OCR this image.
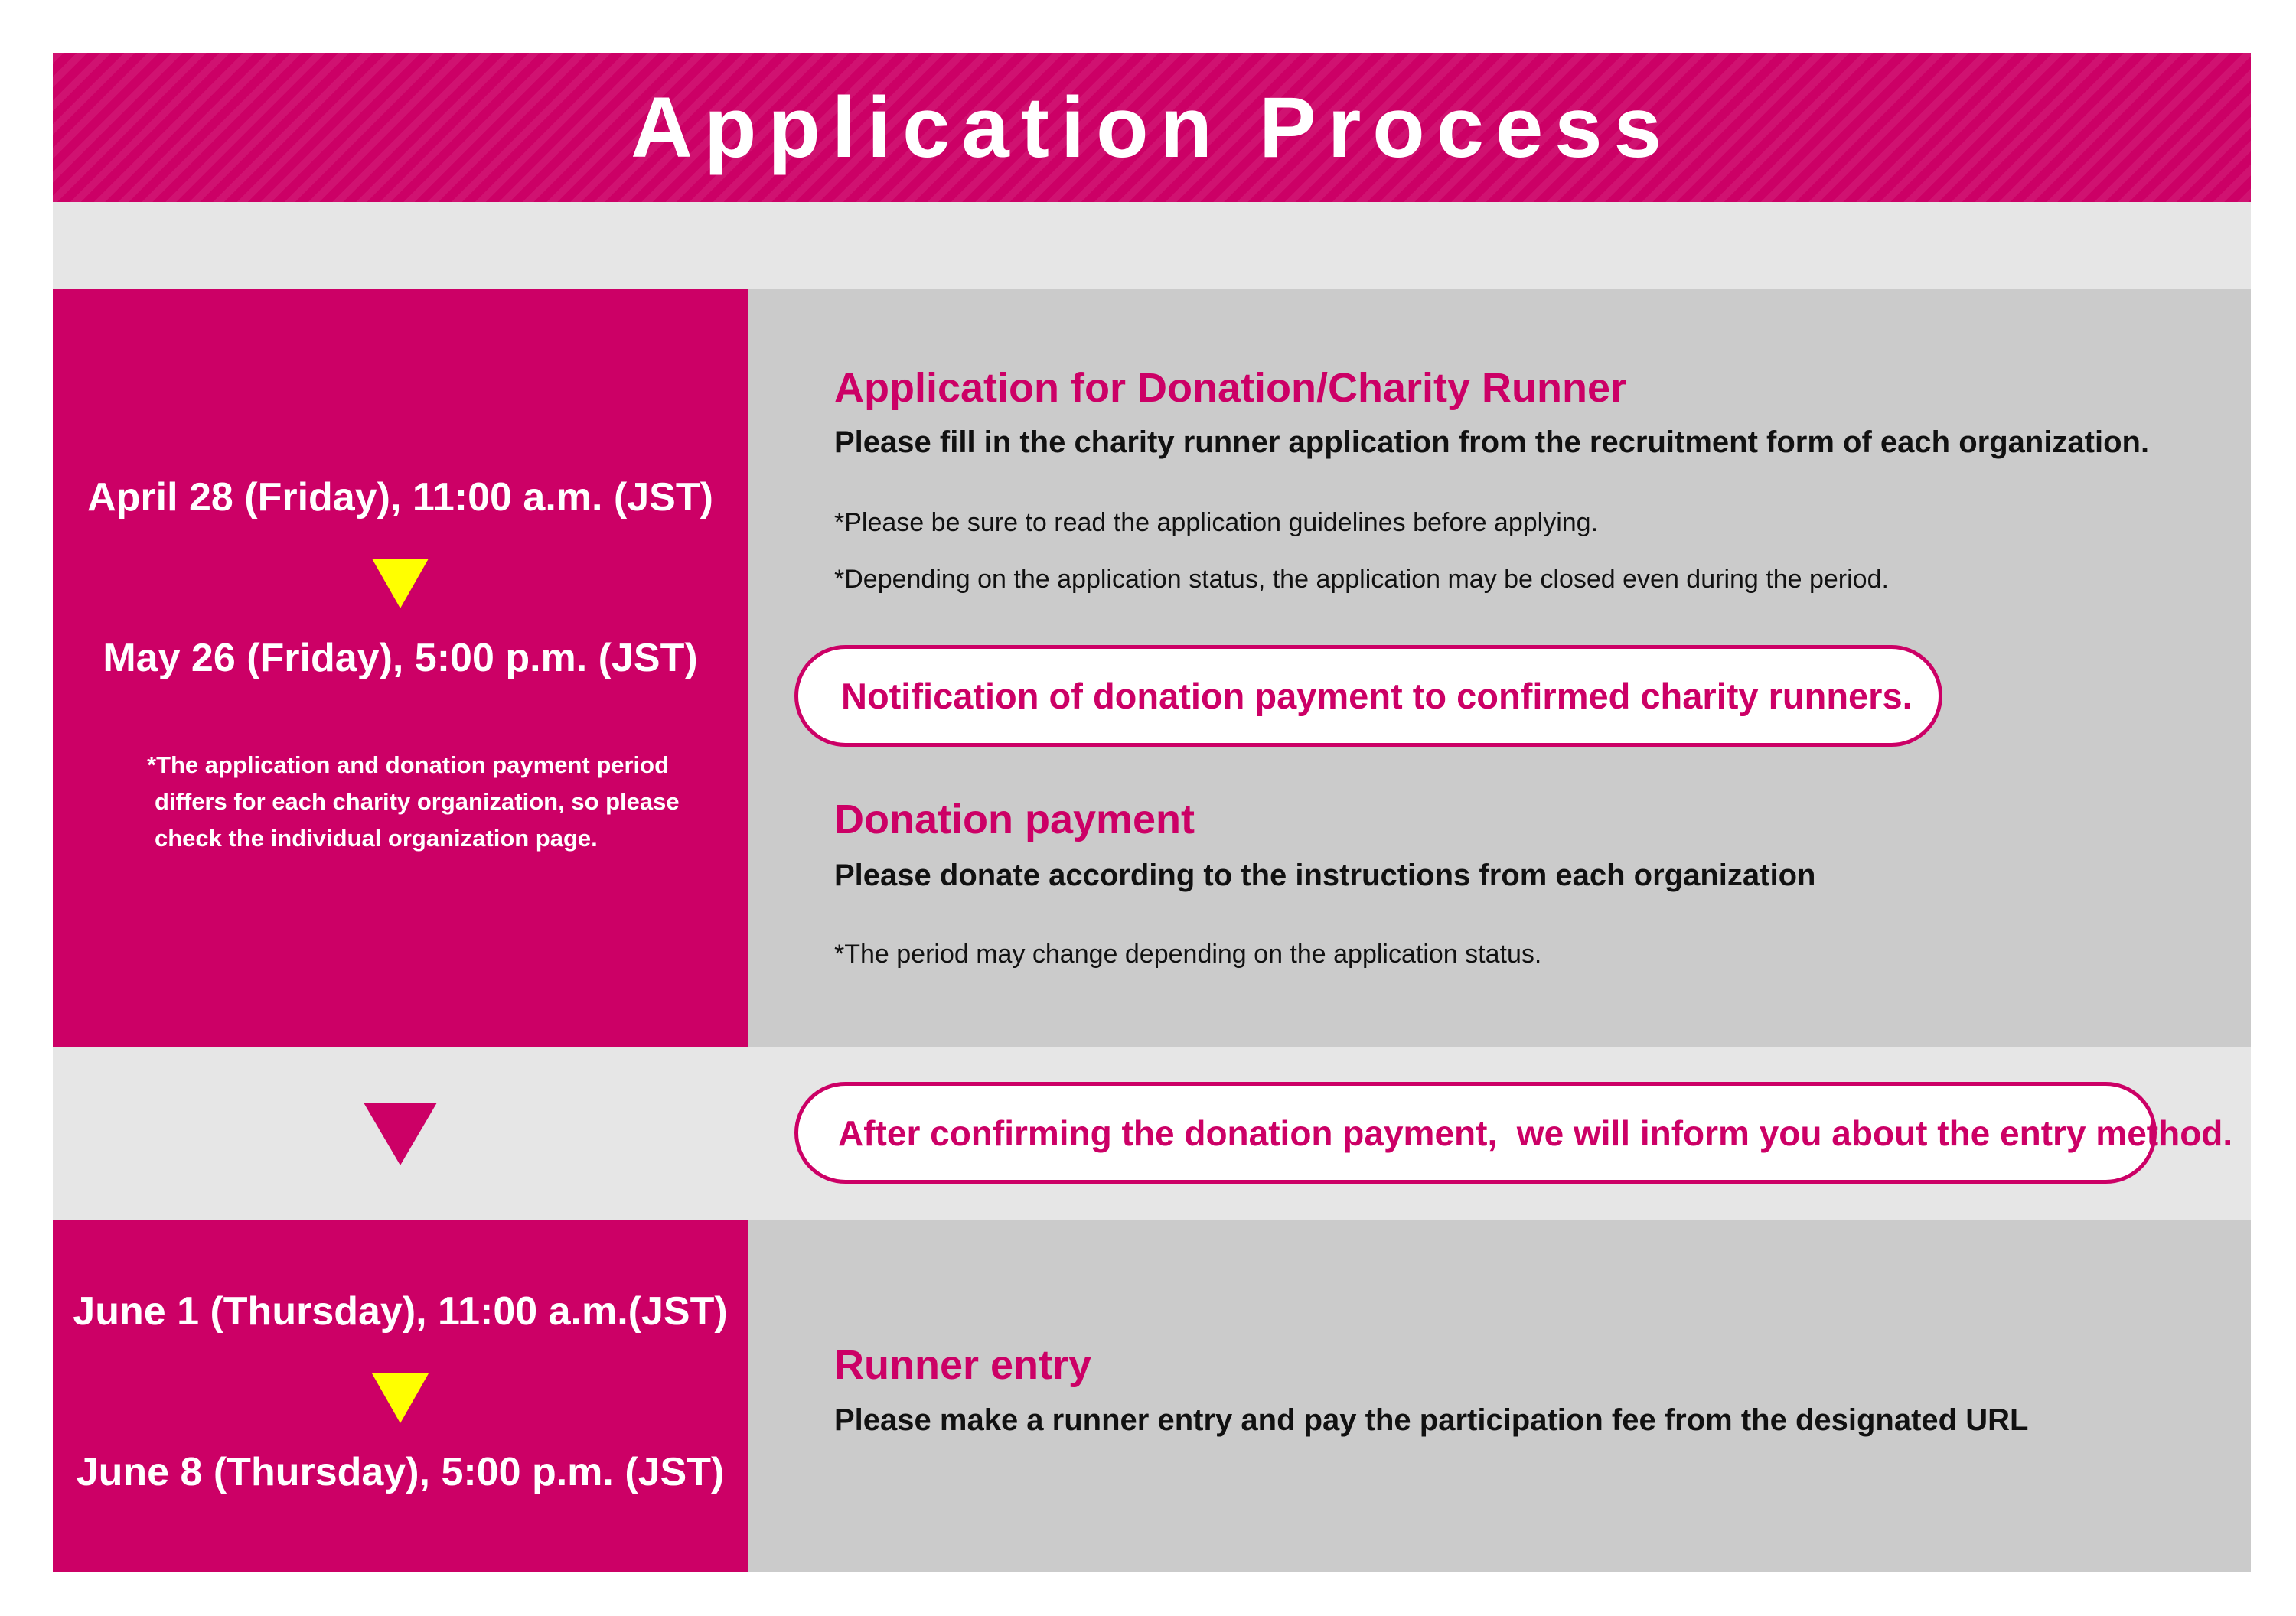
Application Process
April 28 (Friday), 11:00 a.m. (JST)
May 26 (Friday), 5:00 p.m. (JST)
*The application and donation payment period
differs for each charity organization, so please
check the individual organization page.
Application for Donation/Charity Runner
Please fill in the charity runner application from the recruitment form of each organization.
*Please be sure to read the application guidelines before applying.
*Depending on the application status, the application may be closed even during the period.
Notification of donation payment to confirmed charity runners.
Donation payment
Please donate according to the instructions from each organization
*The period may change depending on the application status.
After confirming the donation payment,  we will inform you about the entry method.
June 1 (Thursday), 11:00 a.m.(JST)
June 8 (Thursday), 5:00 p.m. (JST)
Runner entry
Please make a runner entry and pay the participation fee from the designated URL
